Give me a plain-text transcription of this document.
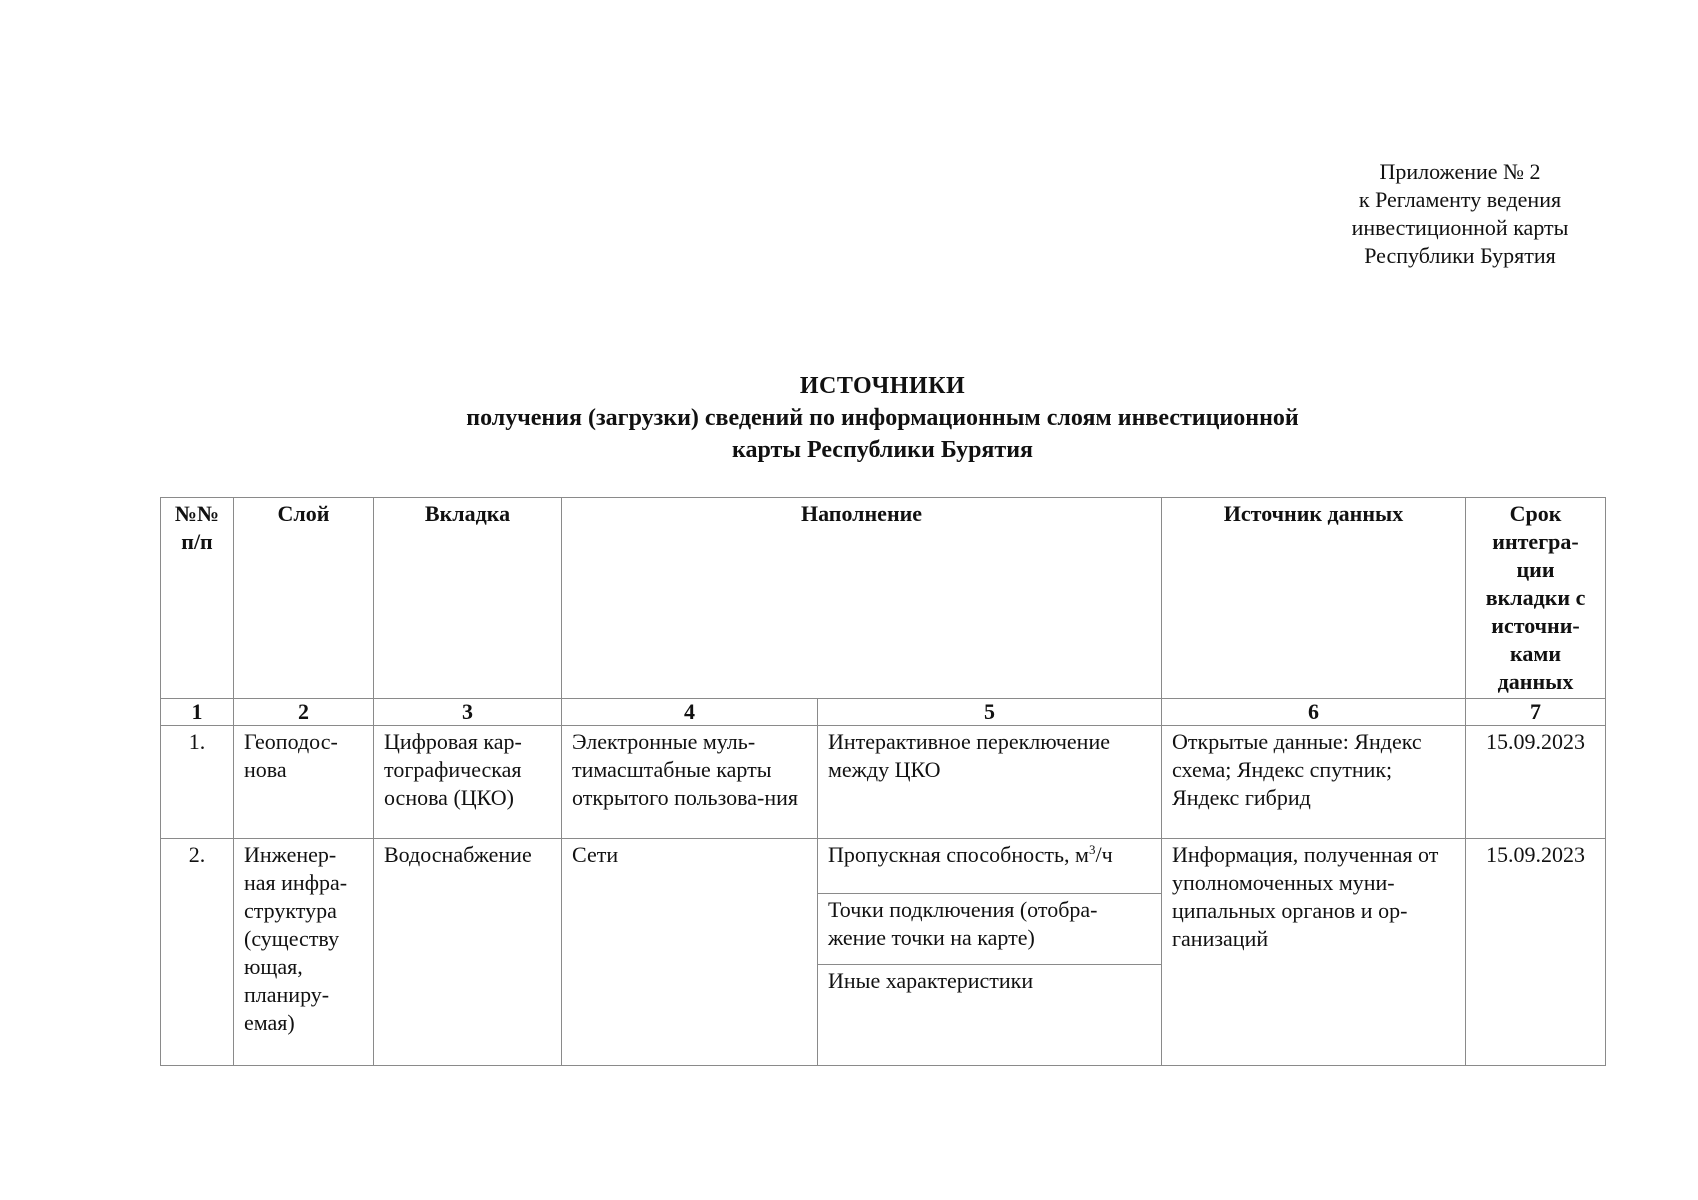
Приложение № 2
к Регламенту ведения
инвестиционной карты
Республики Бурятия
ИСТОЧНИКИ
получения (загрузки) сведений по информационным слоям инвестиционной
карты Республики Бурятия
№№ п/п	Слой	Вкладка	Наполнение		Источник данных	Срок интегра-ции вкладки с источни-ками данных
1	2	3	4	5	6	7
1.	Геоподос-нова	Цифровая кар-тографическая основа (ЦКО)	Электронные муль-тимасштабные карты открытого пользова-ния	Интерактивное переключение между ЦКО	Открытые данные: Яндекс схема; Яндекс спутник; Яндекс гибрид	15.09.2023
2.	Инженер-ная инфра-структура (существу ющая, планиру-емая)	Водоснабжение	Сети	Пропускная способность, $м^3/ч$	Информация, полученная от уполномоченных муни-ципальных органов и ор-ганизаций	15.09.2023
				Точки подключения (отобра-жение точки на карте)		
				Иные характеристики		
